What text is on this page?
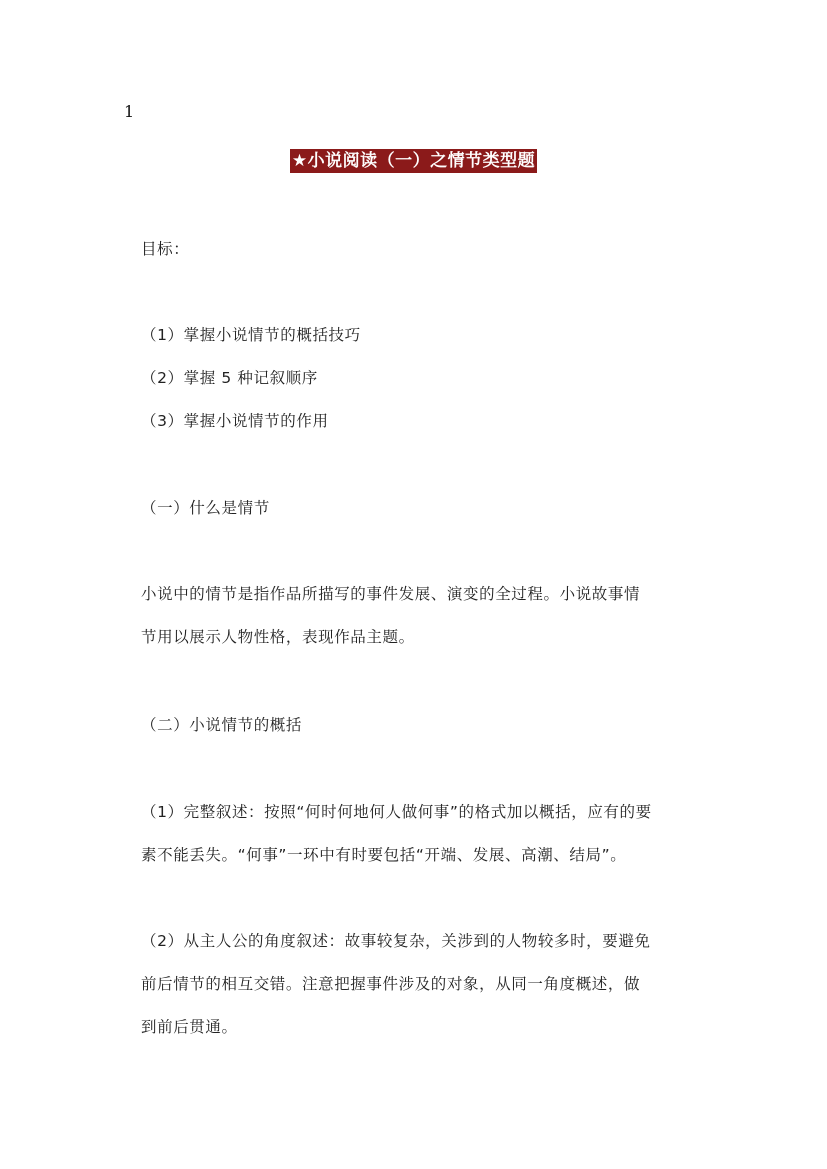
1
★小说阅读（一）之情节类型题

目标：

（1）掌握小说情节的概括技巧

（2）掌握 5 种记叙顺序

（3）掌握小说情节的作用

（一）什么是情节

小说中的情节是指作品所描写的事件发展、演变的全过程。小说故事情

节用以展示人物性格，表现作品主题。

（二）小说情节的概括

（1）完整叙述：按照“何时何地何人做何事”的格式加以概括，应有的要

素不能丢失。“何事”一环中有时要包括“开端、发展、高潮、结局”。

（2）从主人公的角度叙述：故事较复杂，关涉到的人物较多时，要避免

前后情节的相互交错。注意把握事件涉及的对象，从同一角度概述，做

到前后贯通。
